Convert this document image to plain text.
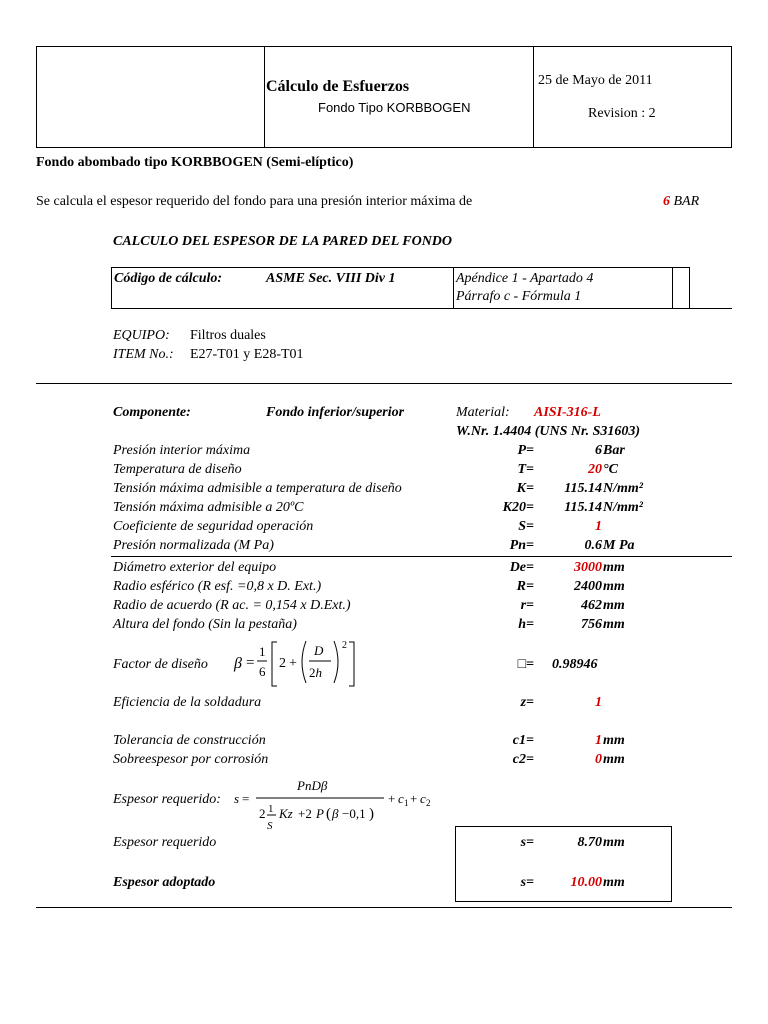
Cálculo de Esfuerzos
Fondo Tipo KORBBOGEN
25 de Mayo de 2011
Revision : 2
Fondo abombado tipo KORBBOGEN (Semi-elíptico)
Se calcula el espesor requerido del fondo para una presión interior máxima de	6 BAR
CALCULO DEL ESPESOR DE LA PARED DEL FONDO
Código de cálculo:	ASME Sec. VIII Div 1	Apéndice 1 - Apartado 4
Párrafo c - Fórmula 1
EQUIPO: Filtros duales
ITEM No.: E27-T01 y E28-T01
Componente:	Fondo inferior/superior	Material: AISI-316-L
W.Nr. 1.4404 (UNS Nr. S31603)
Presión interior máxima	P=	6 Bar
Temperatura de diseño	T=	20 °C
Tensión máxima admisible a temperatura de diseño	K=	115.14 N/mm²
Tensión máxima admisible a 20ºC	K20=	115.14 N/mm²
Coeficiente de seguridad operación	S=	1
Presión normalizada (M Pa)	Pn=	0.6 M Pa
Diámetro exterior del equipo	De=	3000 mm
Radio esférico (R esf. =0,8 x D. Ext.)	R=	2400 mm
Radio de acuerdo (R ac. = 0,154 x D.Ext.)	r=	462 mm
Altura del fondo (Sin la pestaña)	h=	756 mm
Factor de diseño β =
1
6
2 +
D
2h
2
□= 0.98946
Eficiencia de la soldadura	z=	1
Tolerancia de construcción	c1=	1 mm
Sobreespesor por corrosión	c2=	0 mm
Espesor requerido: s =
PnDβ
2 1
S
Kz +2 P ( β −0,1 )
+ c 1 + c 2
Espesor requerido	s=	8.70 mm
Espesor adoptado	s=	10.00 mm
